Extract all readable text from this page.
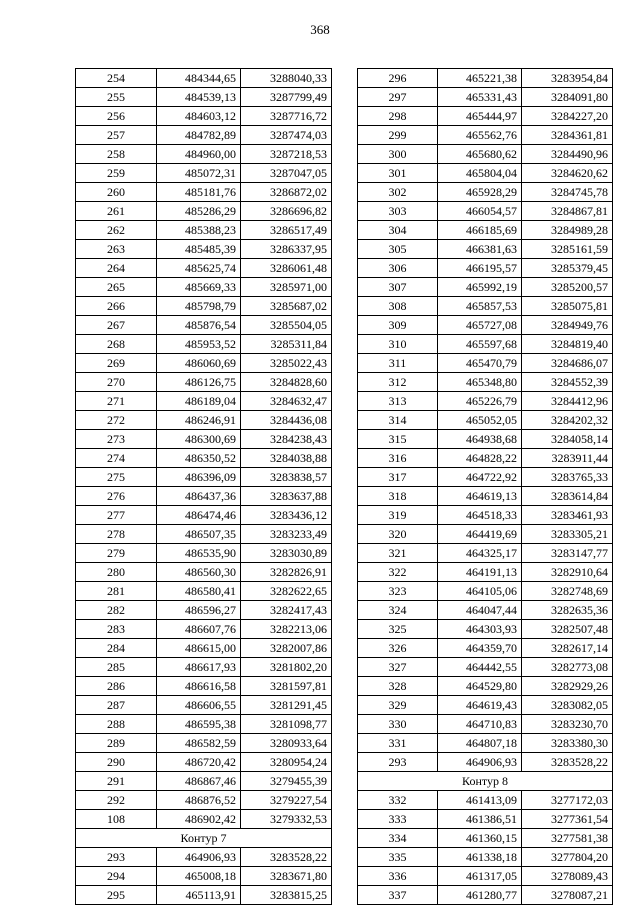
368
254	484344,65	3288040,33
255	484539,13	3287799,49
256	484603,12	3287716,72
257	484782,89	3287474,03
258	484960,00	3287218,53
259	485072,31	3287047,05
260	485181,76	3286872,02
261	485286,29	3286696,82
262	485388,23	3286517,49
263	485485,39	3286337,95
264	485625,74	3286061,48
265	485669,33	3285971,00
266	485798,79	3285687,02
267	485876,54	3285504,05
268	485953,52	3285311,84
269	486060,69	3285022,43
270	486126,75	3284828,60
271	486189,04	3284632,47
272	486246,91	3284436,08
273	486300,69	3284238,43
274	486350,52	3284038,88
275	486396,09	3283838,57
276	486437,36	3283637,88
277	486474,46	3283436,12
278	486507,35	3283233,49
279	486535,90	3283030,89
280	486560,30	3282826,91
281	486580,41	3282622,65
282	486596,27	3282417,43
283	486607,76	3282213,06
284	486615,00	3282007,86
285	486617,93	3281802,20
286	486616,58	3281597,81
287	486606,55	3281291,45
288	486595,38	3281098,77
289	486582,59	3280933,64
290	486720,42	3280954,24
291	486867,46	3279455,39
292	486876,52	3279227,54
108	486902,42	3279332,53
Контур 7		
293	464906,93	3283528,22
294	465008,18	3283671,80
295	465113,91	3283815,25
296	465221,38	3283954,84
297	465331,43	3284091,80
298	465444,97	3284227,20
299	465562,76	3284361,81
300	465680,62	3284490,96
301	465804,04	3284620,62
302	465928,29	3284745,78
303	466054,57	3284867,81
304	466185,69	3284989,28
305	466381,63	3285161,59
306	466195,57	3285379,45
307	465992,19	3285200,57
308	465857,53	3285075,81
309	465727,08	3284949,76
310	465597,68	3284819,40
311	465470,79	3284686,07
312	465348,80	3284552,39
313	465226,79	3284412,96
314	465052,05	3284202,32
315	464938,68	3284058,14
316	464828,22	3283911,44
317	464722,92	3283765,33
318	464619,13	3283614,84
319	464518,33	3283461,93
320	464419,69	3283305,21
321	464325,17	3283147,77
322	464191,13	3282910,64
323	464105,06	3282748,69
324	464047,44	3282635,36
325	464303,93	3282507,48
326	464359,70	3282617,14
327	464442,55	3282773,08
328	464529,80	3282929,26
329	464619,43	3283082,05
330	464710,83	3283230,70
331	464807,18	3283380,30
293	464906,93	3283528,22
Контур 8		
332	461413,09	3277172,03
333	461386,51	3277361,54
334	461360,15	3277581,38
335	461338,18	3277804,20
336	461317,05	3278089,43
337	461280,77	3278087,21
